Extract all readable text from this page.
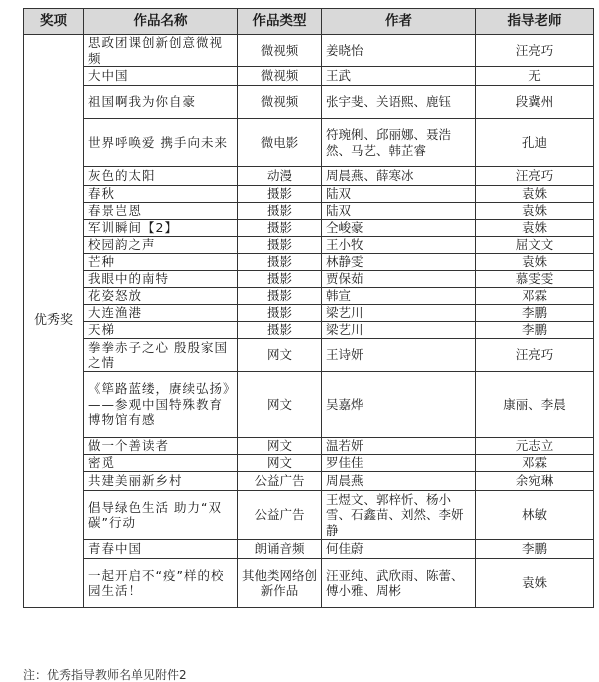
奖项	作品名称	作品类型	作者	指导老师
优秀奖	思政团课创新创意微视频	微视频	姜晓怡	汪亮巧
	大中国	微视频	王武	无
	祖国啊我为你自豪	微视频	张宇斐、关语熙、鹿钰	段冀州
	世界呼唤爱 携手向未来	微电影	符琬俐、邱丽娜、聂浩然、马艺、韩芷睿	孔迪
	灰色的太阳	动漫	周晨燕、薛寒冰	汪亮巧
	春秋	摄影	陆双	袁姝
	春景岂恩	摄影	陆双	袁姝
	军训瞬间【2】	摄影	仝峻豪	袁姝
	校园韵之声	摄影	王小牧	屈文文
	芒种	摄影	林静雯	袁姝
	我眼中的南特	摄影	贾保茹	慕雯雯
	花姿怒放	摄影	韩宣	邓霖
	大连渔港	摄影	梁艺川	李鹏
	天梯	摄影	梁艺川	李鹏
	拳拳赤子之心 殷殷家国之情	网文	王诗妍	汪亮巧
	《筚路蓝缕，赓续弘扬》——参观中国特殊教育博物馆有感	网文	吴嘉烨	康丽、李晨
	做一个善读者	网文	温若妍	元志立
	密觅	网文	罗佳佳	邓霖
	共建美丽新乡村	公益广告	周晨燕	余宛琳
	倡导绿色生活 助力“双碳”行动	公益广告	王煜文、郭梓忻、杨小雪、石鑫苗、刘然、李妍静	林敏
	青春中国	朗诵音频	何佳蔚	李鹏
	一起开启不“疫”样的校园生活！	其他类网络创新作品	汪亚纯、武欣雨、陈蕾、傅小雅、周彬	袁姝
注：优秀指导教师名单见附件2
